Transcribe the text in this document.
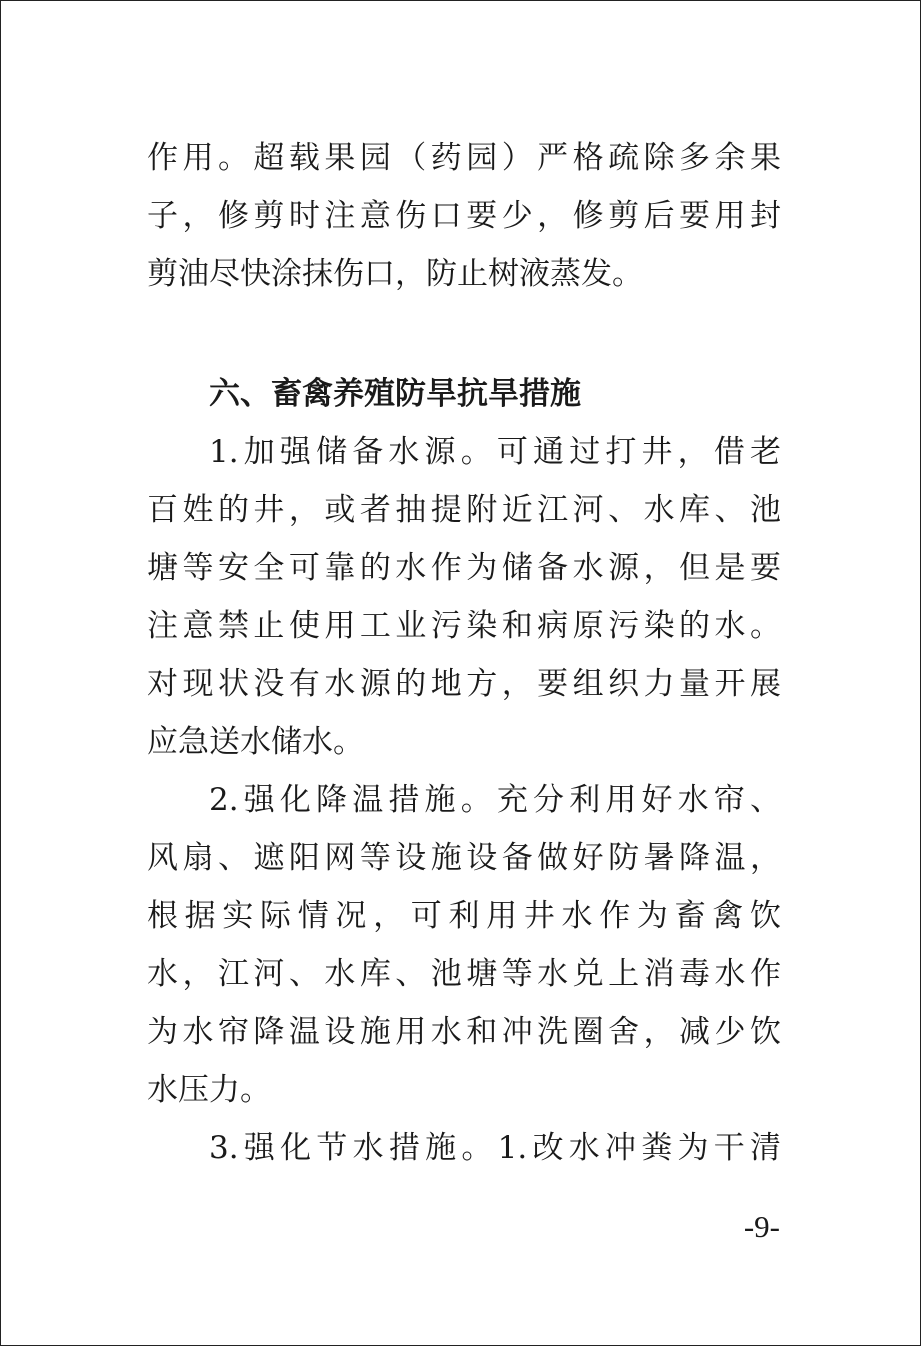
作用。超载果园（药园）严格疏除多余果
子，修剪时注意伤口要少，修剪后要用封
剪油尽快涂抹伤口，防止树液蒸发。
六、畜禽养殖防旱抗旱措施
1.加强储备水源。可通过打井，借老
百姓的井，或者抽提附近江河、水库、池
塘等安全可靠的水作为储备水源，但是要
注意禁止使用工业污染和病原污染的水。
对现状没有水源的地方，要组织力量开展
应急送水储水。
2.强化降温措施。充分利用好水帘、
风扇、遮阳网等设施设备做好防暑降温，
根据实际情况，可利用井水作为畜禽饮
水，江河、水库、池塘等水兑上消毒水作
为水帘降温设施用水和冲洗圈舍，减少饮
水压力。
3.强化节水措施。1.改水冲粪为干清
-9-
